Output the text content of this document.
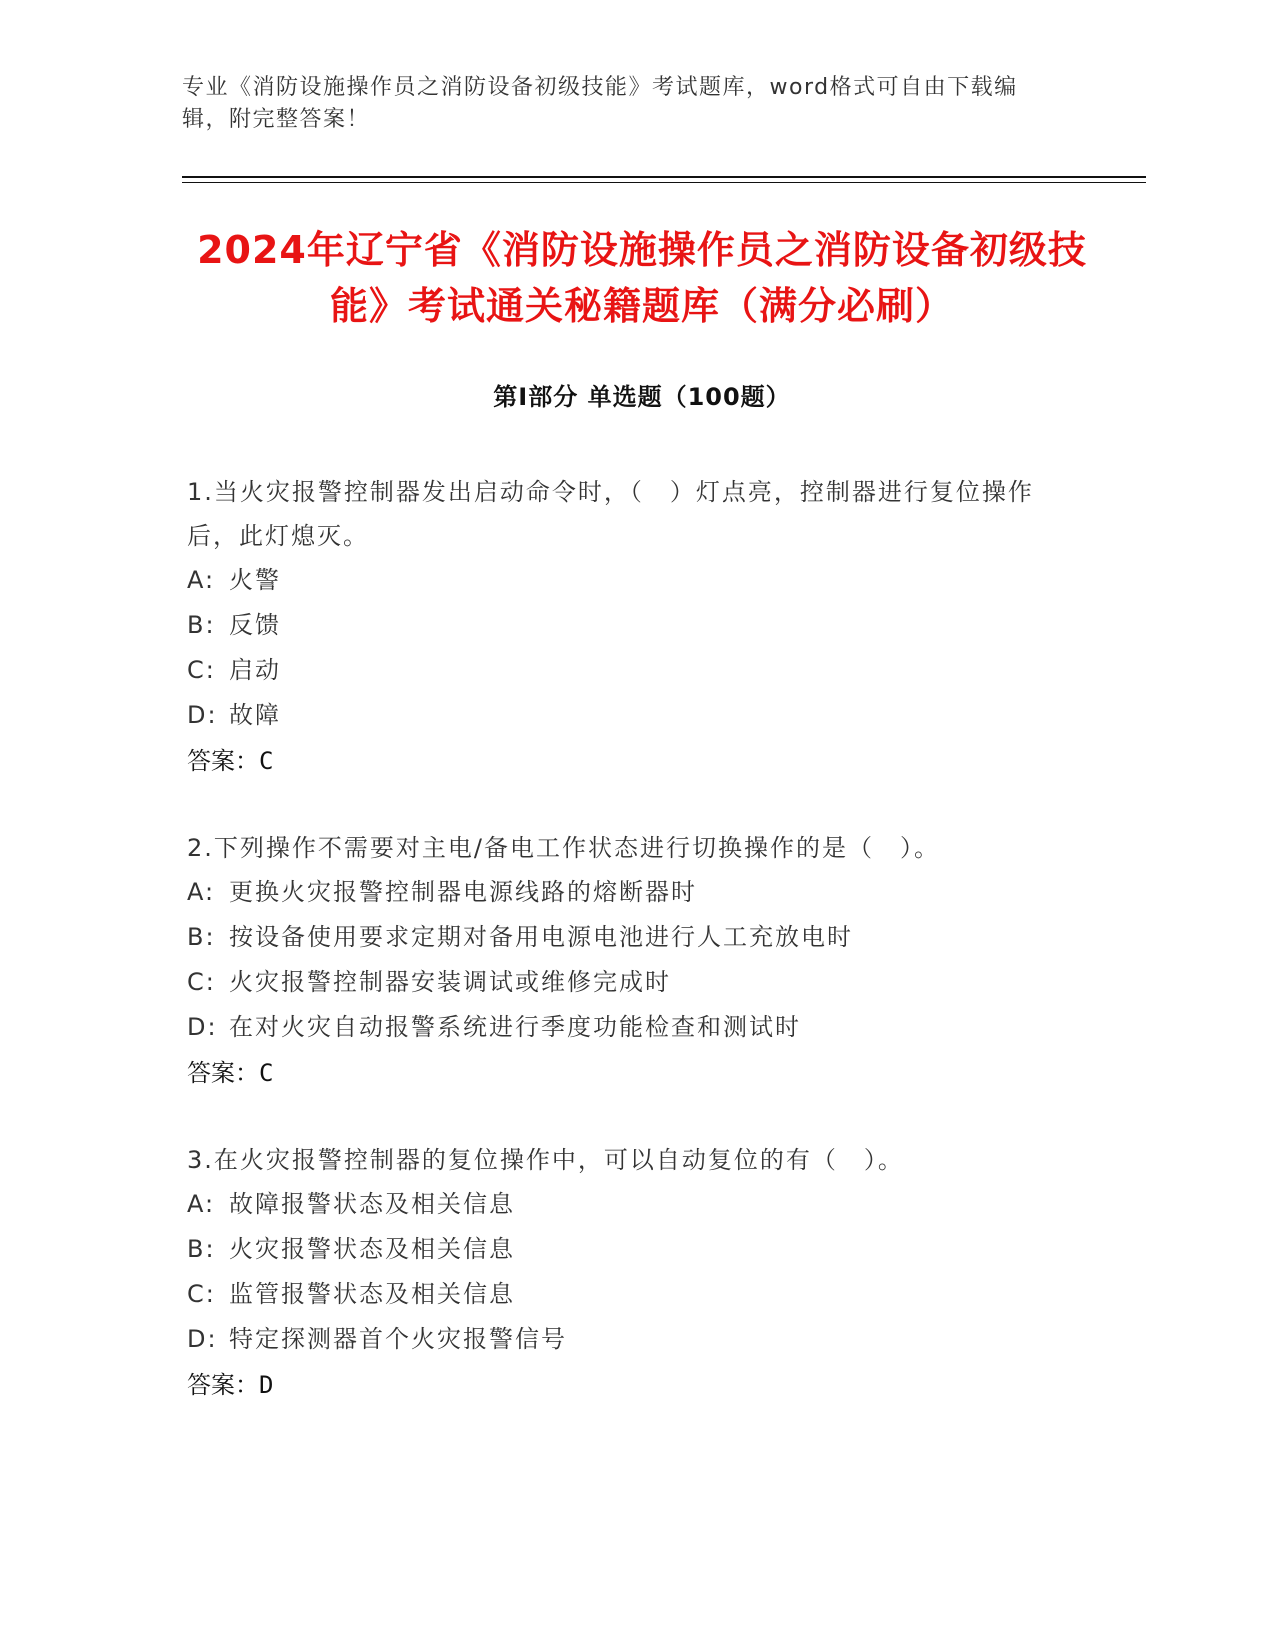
专业《消防设施操作员之消防设备初级技能》考试题库，word格式可自由下载编辑，附完整答案！
2024年辽宁省《消防设施操作员之消防设备初级技能》考试通关秘籍题库（满分必刷）
第Ⅰ部分 单选题（100题）

1.当火灾报警控制器发出启动命令时，（　）灯点亮，控制器进行复位操作后，此灯熄灭。

A: 火警

B: 反馈

C: 启动

D: 故障

答案：C

2.下列操作不需要对主电/备电工作状态进行切换操作的是（　）。

A: 更换火灾报警控制器电源线路的熔断器时

B: 按设备使用要求定期对备用电源电池进行人工充放电时

C: 火灾报警控制器安装调试或维修完成时

D: 在对火灾自动报警系统进行季度功能检查和测试时

答案：C

3.在火灾报警控制器的复位操作中，可以自动复位的有（　）。

A: 故障报警状态及相关信息

B: 火灾报警状态及相关信息

C: 监管报警状态及相关信息

D: 特定探测器首个火灾报警信号

答案：D
